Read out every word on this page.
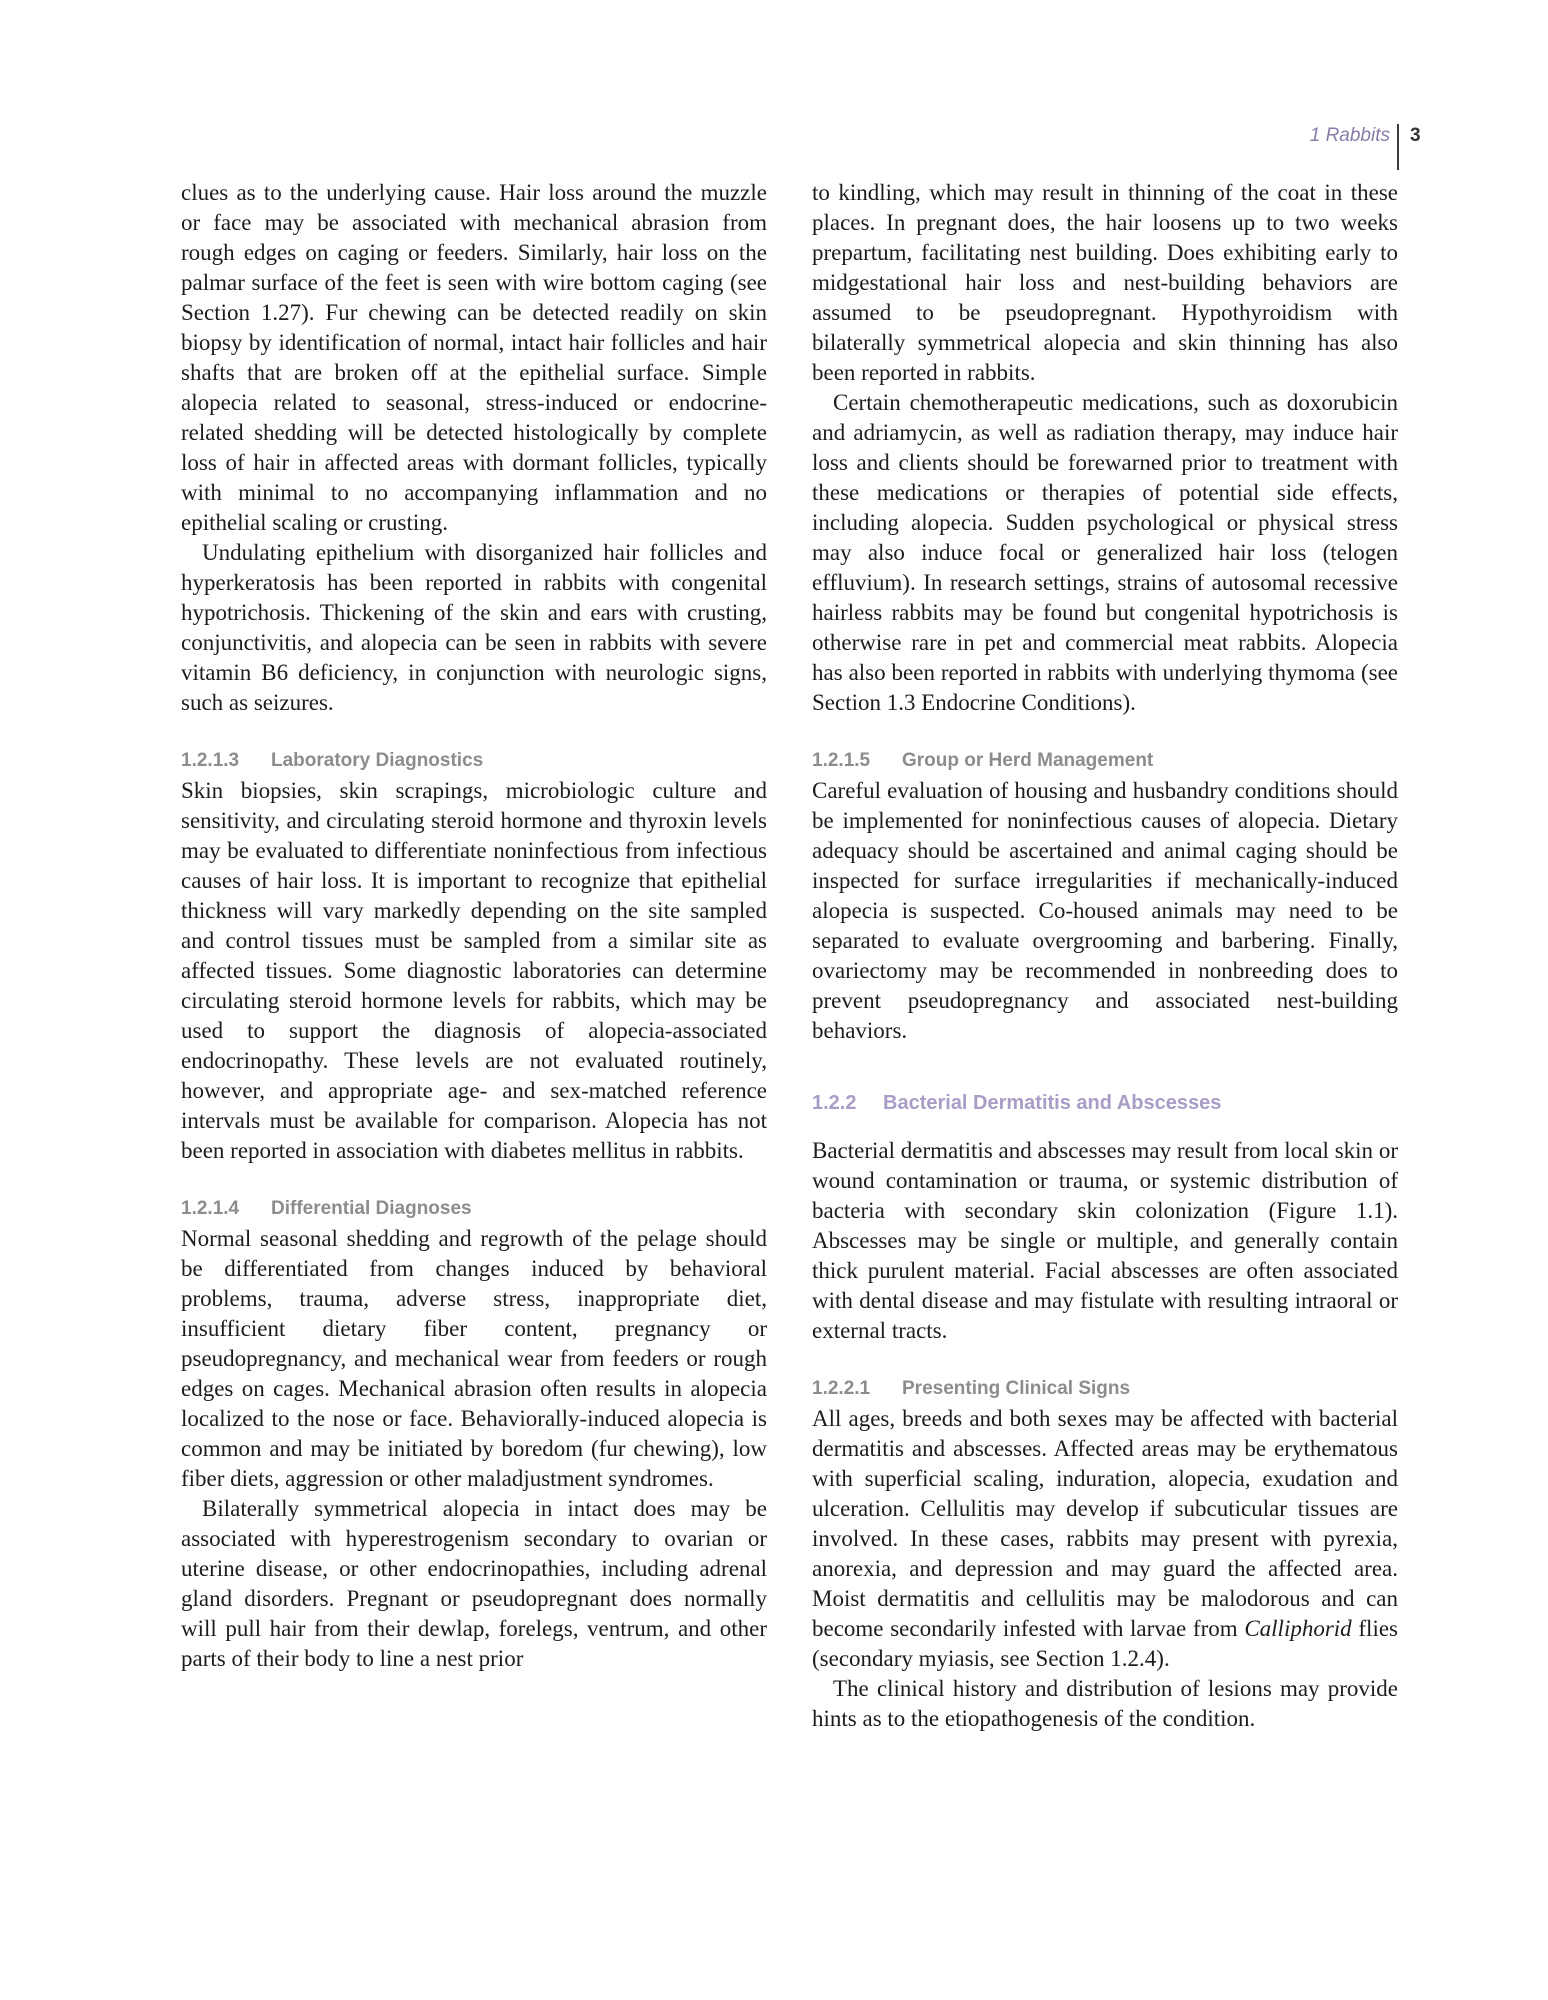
1 Rabbits 3

clues as to the underlying cause. Hair loss around the muzzle or face may be associated with mechanical abrasion from rough edges on caging or feeders. Similarly, hair loss on the palmar surface of the feet is seen with wire bottom caging (see Section 1.27). Fur chewing can be detected readily on skin biopsy by identification of normal, intact hair follicles and hair shafts that are broken off at the epithelial surface. Simple alopecia related to seasonal, stress-induced or endocrine-related shedding will be detected histologically by complete loss of hair in affected areas with dormant follicles, typically with minimal to no accompanying inflammation and no epithelial scaling or crusting.

Undulating epithelium with disorganized hair follicles and hyperkeratosis has been reported in rabbits with congenital hypotrichosis. Thickening of the skin and ears with crusting, conjunctivitis, and alopecia can be seen in rabbits with severe vitamin B6 deficiency, in conjunction with neurologic signs, such as seizures.

1.2.1.3 Laboratory Diagnostics

Skin biopsies, skin scrapings, microbiologic culture and sensitivity, and circulating steroid hormone and thyroxin levels may be evaluated to differentiate noninfectious from infectious causes of hair loss. It is important to recognize that epithelial thickness will vary markedly depending on the site sampled and control tissues must be sampled from a similar site as affected tissues. Some diagnostic laboratories can determine circulating steroid hormone levels for rabbits, which may be used to support the diagnosis of alopecia-associated endocrinopathy. These levels are not evaluated routinely, however, and appropriate age- and sex-matched reference intervals must be available for comparison. Alopecia has not been reported in association with diabetes mellitus in rabbits.

1.2.1.4 Differential Diagnoses

Normal seasonal shedding and regrowth of the pelage should be differentiated from changes induced by behavioral problems, trauma, adverse stress, inappropriate diet, insufficient dietary fiber content, pregnancy or pseudopregnancy, and mechanical wear from feeders or rough edges on cages. Mechanical abrasion often results in alopecia localized to the nose or face. Behaviorally-induced alopecia is common and may be initiated by boredom (fur chewing), low fiber diets, aggression or other maladjustment syndromes.

Bilaterally symmetrical alopecia in intact does may be associated with hyperestrogenism secondary to ovarian or uterine disease, or other endocrinopathies, including adrenal gland disorders. Pregnant or pseudopregnant does normally will pull hair from their dewlap, forelegs, ventrum, and other parts of their body to line a nest prior

to kindling, which may result in thinning of the coat in these places. In pregnant does, the hair loosens up to two weeks prepartum, facilitating nest building. Does exhibiting early to midgestational hair loss and nest-building behaviors are assumed to be pseudopregnant. Hypothyroidism with bilaterally symmetrical alopecia and skin thinning has also been reported in rabbits.

Certain chemotherapeutic medications, such as doxorubicin and adriamycin, as well as radiation therapy, may induce hair loss and clients should be forewarned prior to treatment with these medications or therapies of potential side effects, including alopecia. Sudden psychological or physical stress may also induce focal or generalized hair loss (telogen effluvium). In research settings, strains of autosomal recessive hairless rabbits may be found but congenital hypotrichosis is otherwise rare in pet and commercial meat rabbits. Alopecia has also been reported in rabbits with underlying thymoma (see Section 1.3 Endocrine Conditions).

1.2.1.5 Group or Herd Management

Careful evaluation of housing and husbandry conditions should be implemented for noninfectious causes of alopecia. Dietary adequacy should be ascertained and animal caging should be inspected for surface irregularities if mechanically-induced alopecia is suspected. Co-housed animals may need to be separated to evaluate overgrooming and barbering. Finally, ovariectomy may be recommended in nonbreeding does to prevent pseudopregnancy and associated nest-building behaviors.

1.2.2 Bacterial Dermatitis and Abscesses

Bacterial dermatitis and abscesses may result from local skin or wound contamination or trauma, or systemic distribution of bacteria with secondary skin colonization (Figure 1.1). Abscesses may be single or multiple, and generally contain thick purulent material. Facial abscesses are often associated with dental disease and may fistulate with resulting intraoral or external tracts.

1.2.2.1 Presenting Clinical Signs

All ages, breeds and both sexes may be affected with bacterial dermatitis and abscesses. Affected areas may be erythematous with superficial scaling, induration, alopecia, exudation and ulceration. Cellulitis may develop if subcuticular tissues are involved. In these cases, rabbits may present with pyrexia, anorexia, and depression and may guard the affected area. Moist dermatitis and cellulitis may be malodorous and can become secondarily infested with larvae from Calliphorid flies (secondary myiasis, see Section 1.2.4).

The clinical history and distribution of lesions may provide hints as to the etiopathogenesis of the condition.
